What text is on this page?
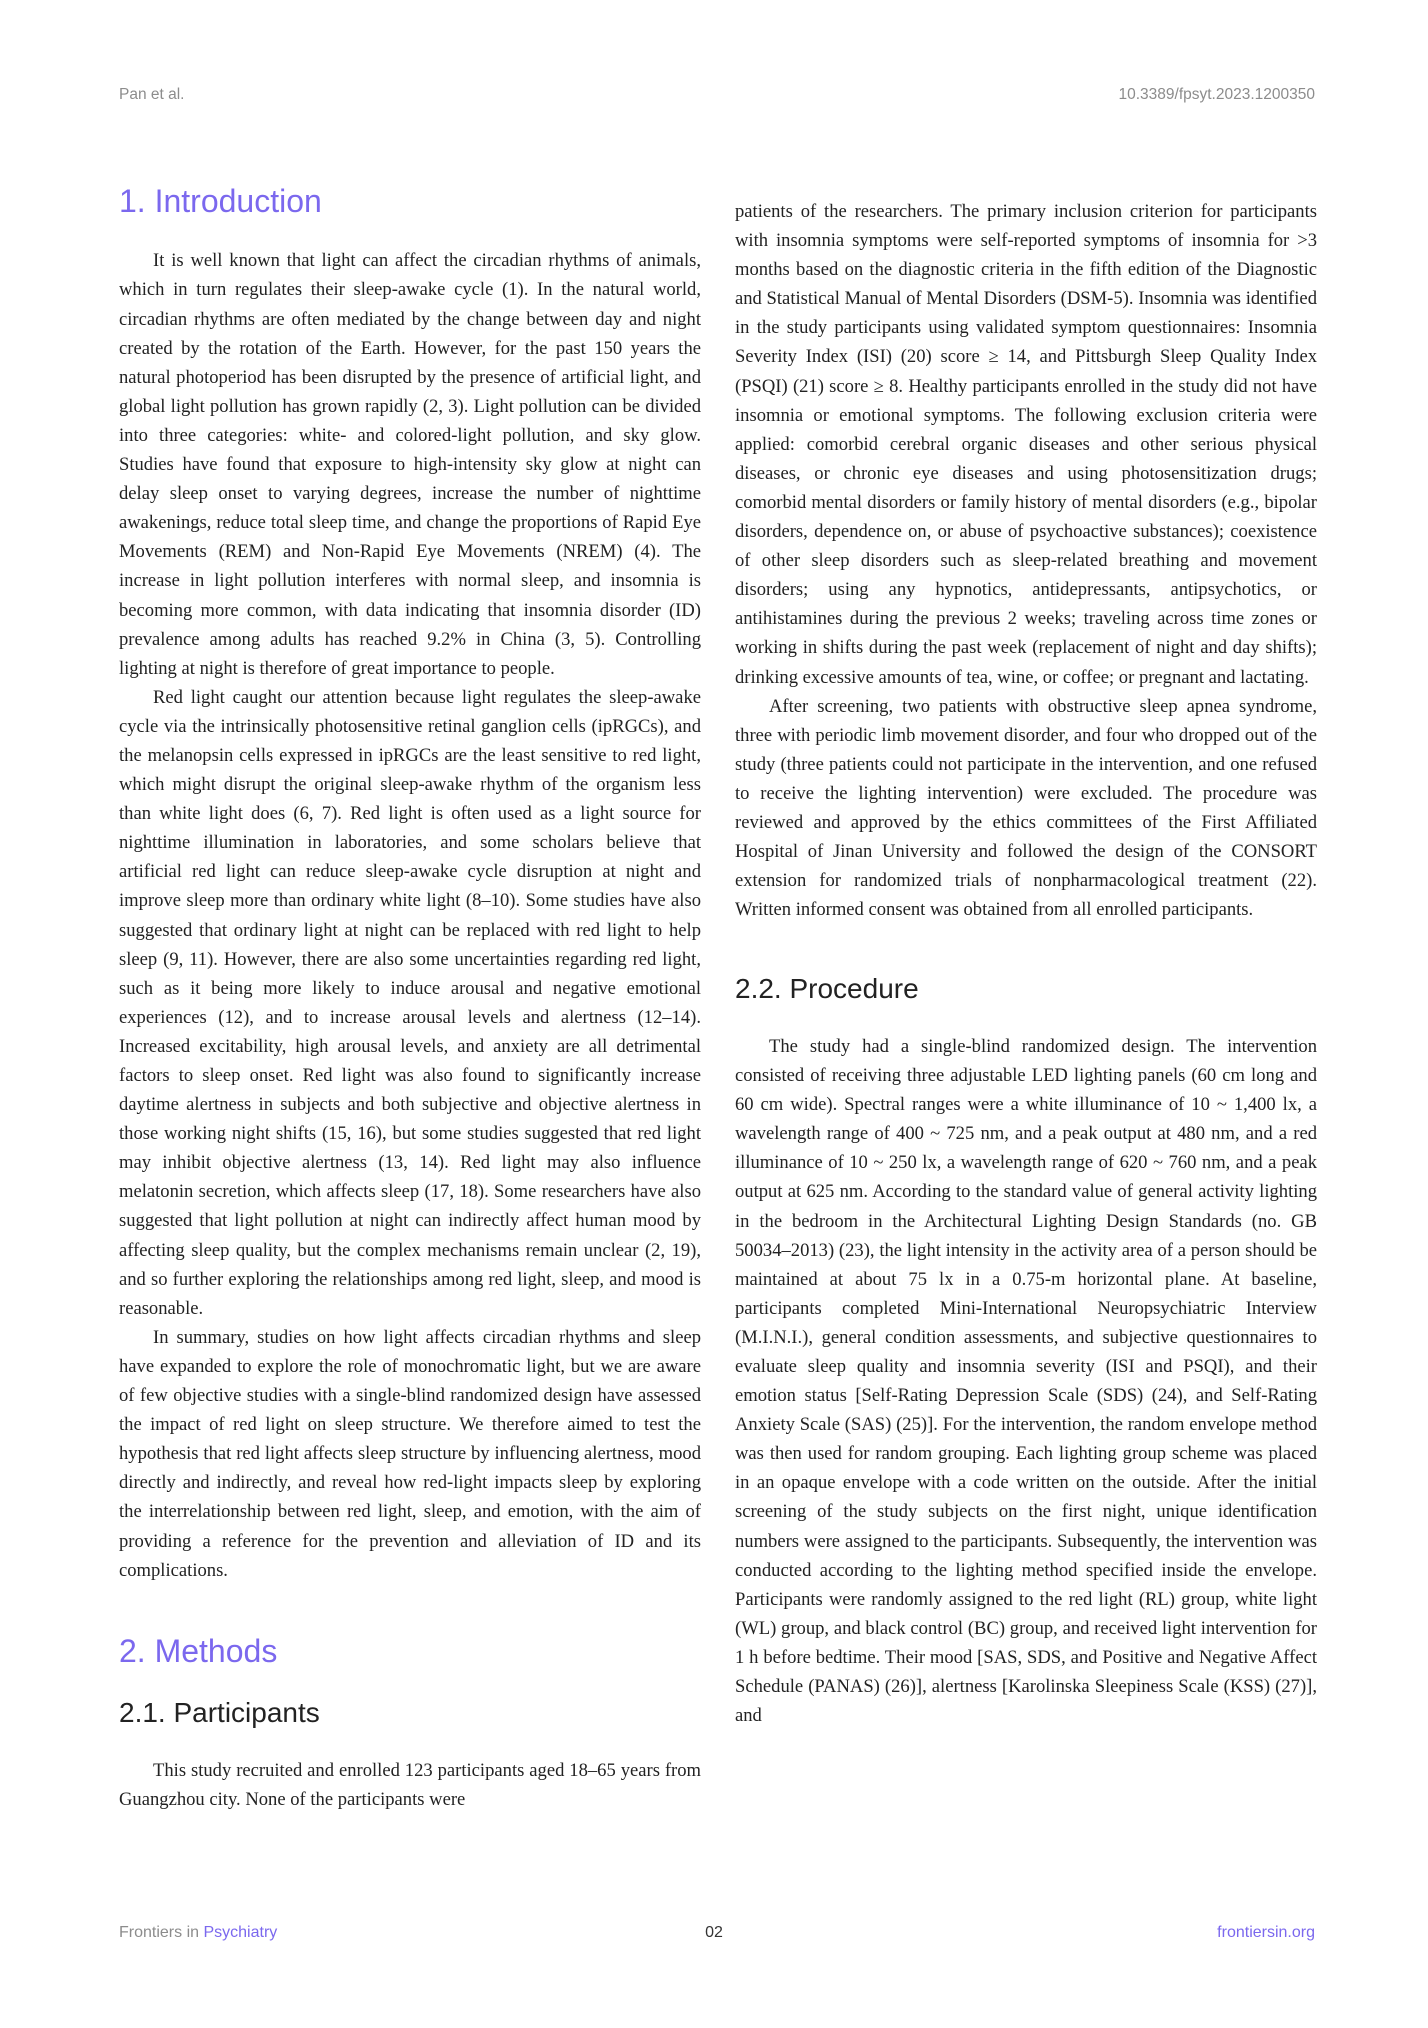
Pan et al.	10.3389/fpsyt.2023.1200350
1. Introduction

It is well known that light can affect the circadian rhythms of animals, which in turn regulates their sleep-awake cycle (1). In the natural world, circadian rhythms are often mediated by the change between day and night created by the rotation of the Earth. However, for the past 150 years the natural photoperiod has been disrupted by the presence of artificial light, and global light pollution has grown rapidly (2, 3). Light pollution can be divided into three categories: white- and colored-light pollution, and sky glow. Studies have found that exposure to high-intensity sky glow at night can delay sleep onset to varying degrees, increase the number of nighttime awakenings, reduce total sleep time, and change the proportions of Rapid Eye Movements (REM) and Non-Rapid Eye Movements (NREM) (4). The increase in light pollution interferes with normal sleep, and insomnia is becoming more common, with data indicating that insomnia disorder (ID) prevalence among adults has reached 9.2% in China (3, 5). Controlling lighting at night is therefore of great importance to people.

Red light caught our attention because light regulates the sleep-awake cycle via the intrinsically photosensitive retinal ganglion cells (ipRGCs), and the melanopsin cells expressed in ipRGCs are the least sensitive to red light, which might disrupt the original sleep-awake rhythm of the organism less than white light does (6, 7). Red light is often used as a light source for nighttime illumination in laboratories, and some scholars believe that artificial red light can reduce sleep-awake cycle disruption at night and improve sleep more than ordinary white light (8–10). Some studies have also suggested that ordinary light at night can be replaced with red light to help sleep (9, 11). However, there are also some uncertainties regarding red light, such as it being more likely to induce arousal and negative emotional experiences (12), and to increase arousal levels and alertness (12–14). Increased excitability, high arousal levels, and anxiety are all detrimental factors to sleep onset. Red light was also found to significantly increase daytime alertness in subjects and both subjective and objective alertness in those working night shifts (15, 16), but some studies suggested that red light may inhibit objective alertness (13, 14). Red light may also influence melatonin secretion, which affects sleep (17, 18). Some researchers have also suggested that light pollution at night can indirectly affect human mood by affecting sleep quality, but the complex mechanisms remain unclear (2, 19), and so further exploring the relationships among red light, sleep, and mood is reasonable.

In summary, studies on how light affects circadian rhythms and sleep have expanded to explore the role of monochromatic light, but we are aware of few objective studies with a single-blind randomized design have assessed the impact of red light on sleep structure. We therefore aimed to test the hypothesis that red light affects sleep structure by influencing alertness, mood directly and indirectly, and reveal how red-light impacts sleep by exploring the interrelationship between red light, sleep, and emotion, with the aim of providing a reference for the prevention and alleviation of ID and its complications.

2. Methods
2.1. Participants

This study recruited and enrolled 123 participants aged 18–65 years from Guangzhou city. None of the participants were

patients of the researchers. The primary inclusion criterion for participants with insomnia symptoms were self-reported symptoms of insomnia for >3 months based on the diagnostic criteria in the fifth edition of the Diagnostic and Statistical Manual of Mental Disorders (DSM-5). Insomnia was identified in the study participants using validated symptom questionnaires: Insomnia Severity Index (ISI) (20) score ≥ 14, and Pittsburgh Sleep Quality Index (PSQI) (21) score ≥ 8. Healthy participants enrolled in the study did not have insomnia or emotional symptoms. The following exclusion criteria were applied: comorbid cerebral organic diseases and other serious physical diseases, or chronic eye diseases and using photosensitization drugs; comorbid mental disorders or family history of mental disorders (e.g., bipolar disorders, dependence on, or abuse of psychoactive substances); coexistence of other sleep disorders such as sleep-related breathing and movement disorders; using any hypnotics, antidepressants, antipsychotics, or antihistamines during the previous 2 weeks; traveling across time zones or working in shifts during the past week (replacement of night and day shifts); drinking excessive amounts of tea, wine, or coffee; or pregnant and lactating.

After screening, two patients with obstructive sleep apnea syndrome, three with periodic limb movement disorder, and four who dropped out of the study (three patients could not participate in the intervention, and one refused to receive the lighting intervention) were excluded. The procedure was reviewed and approved by the ethics committees of the First Affiliated Hospital of Jinan University and followed the design of the CONSORT extension for randomized trials of nonpharmacological treatment (22). Written informed consent was obtained from all enrolled participants.

2.2. Procedure

The study had a single-blind randomized design. The intervention consisted of receiving three adjustable LED lighting panels (60 cm long and 60 cm wide). Spectral ranges were a white illuminance of 10 ~ 1,400 lx, a wavelength range of 400 ~ 725 nm, and a peak output at 480 nm, and a red illuminance of 10 ~ 250 lx, a wavelength range of 620 ~ 760 nm, and a peak output at 625 nm. According to the standard value of general activity lighting in the bedroom in the Architectural Lighting Design Standards (no. GB 50034–2013) (23), the light intensity in the activity area of a person should be maintained at about 75 lx in a 0.75-m horizontal plane. At baseline, participants completed Mini-International Neuropsychiatric Interview (M.I.N.I.), general condition assessments, and subjective questionnaires to evaluate sleep quality and insomnia severity (ISI and PSQI), and their emotion status [Self-Rating Depression Scale (SDS) (24), and Self-Rating Anxiety Scale (SAS) (25)]. For the intervention, the random envelope method was then used for random grouping. Each lighting group scheme was placed in an opaque envelope with a code written on the outside. After the initial screening of the study subjects on the first night, unique identification numbers were assigned to the participants. Subsequently, the intervention was conducted according to the lighting method specified inside the envelope. Participants were randomly assigned to the red light (RL) group, white light (WL) group, and black control (BC) group, and received light intervention for 1 h before bedtime. Their mood [SAS, SDS, and Positive and Negative Affect Schedule (PANAS) (26)], alertness [Karolinska Sleepiness Scale (KSS) (27)], and

Frontiers in Psychiatry	02	frontiersin.org
